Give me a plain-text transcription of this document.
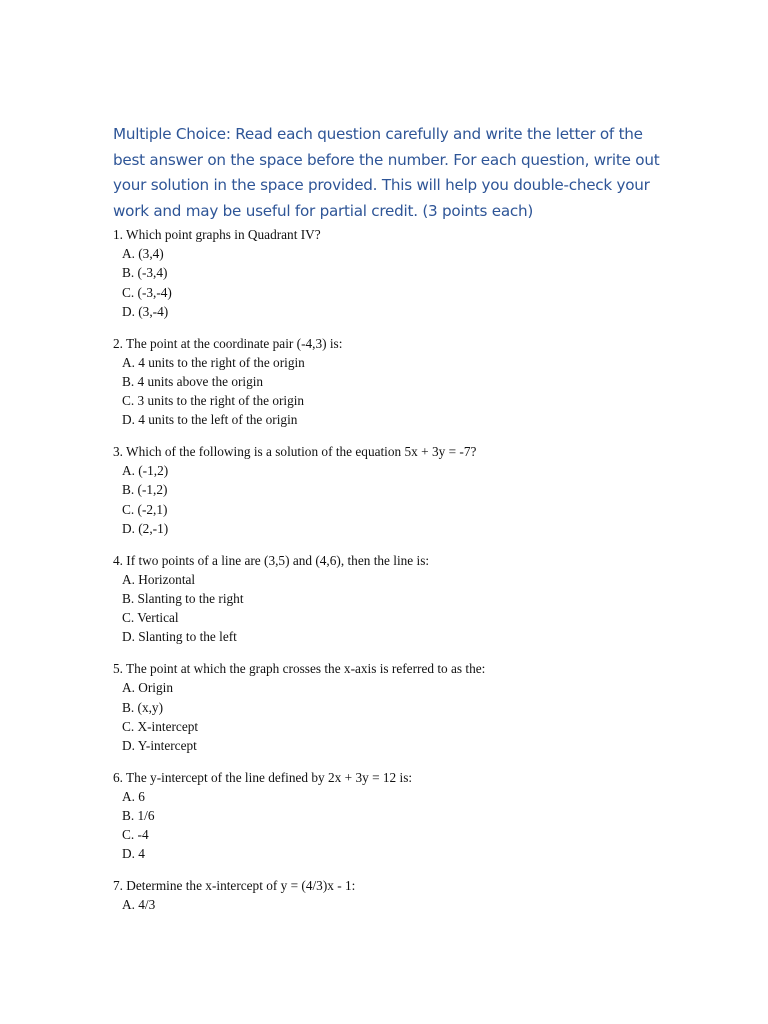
Multiple Choice: Read each question carefully and write the letter of the best answer on the space before the number. For each question, write out your solution in the space provided. This will help you double-check your work and may be useful for partial credit. (3 points each)

1. Which point graphs in Quadrant IV?
A. (3,4)
B. (-3,4)
C. (-3,-4)
D. (3,-4)
2. The point at the coordinate pair (-4,3) is:
A. 4 units to the right of the origin
B. 4 units above the origin
C. 3 units to the right of the origin
D. 4 units to the left of the origin
3. Which of the following is a solution of the equation 5x + 3y = -7?
A. (-1,2)
B. (-1,2)
C. (-2,1)
D. (2,-1)
4. If two points of a line are (3,5) and (4,6), then the line is:
A. Horizontal
B. Slanting to the right
C. Vertical
D. Slanting to the left
5. The point at which the graph crosses the x-axis is referred to as the:
A. Origin
B. (x,y)
C. X-intercept
D. Y-intercept
6. The y-intercept of the line defined by 2x + 3y = 12 is:
A. 6
B. 1/6
C. -4
D. 4
7. Determine the x-intercept of y = (4/3)x - 1:
A. 4/3
